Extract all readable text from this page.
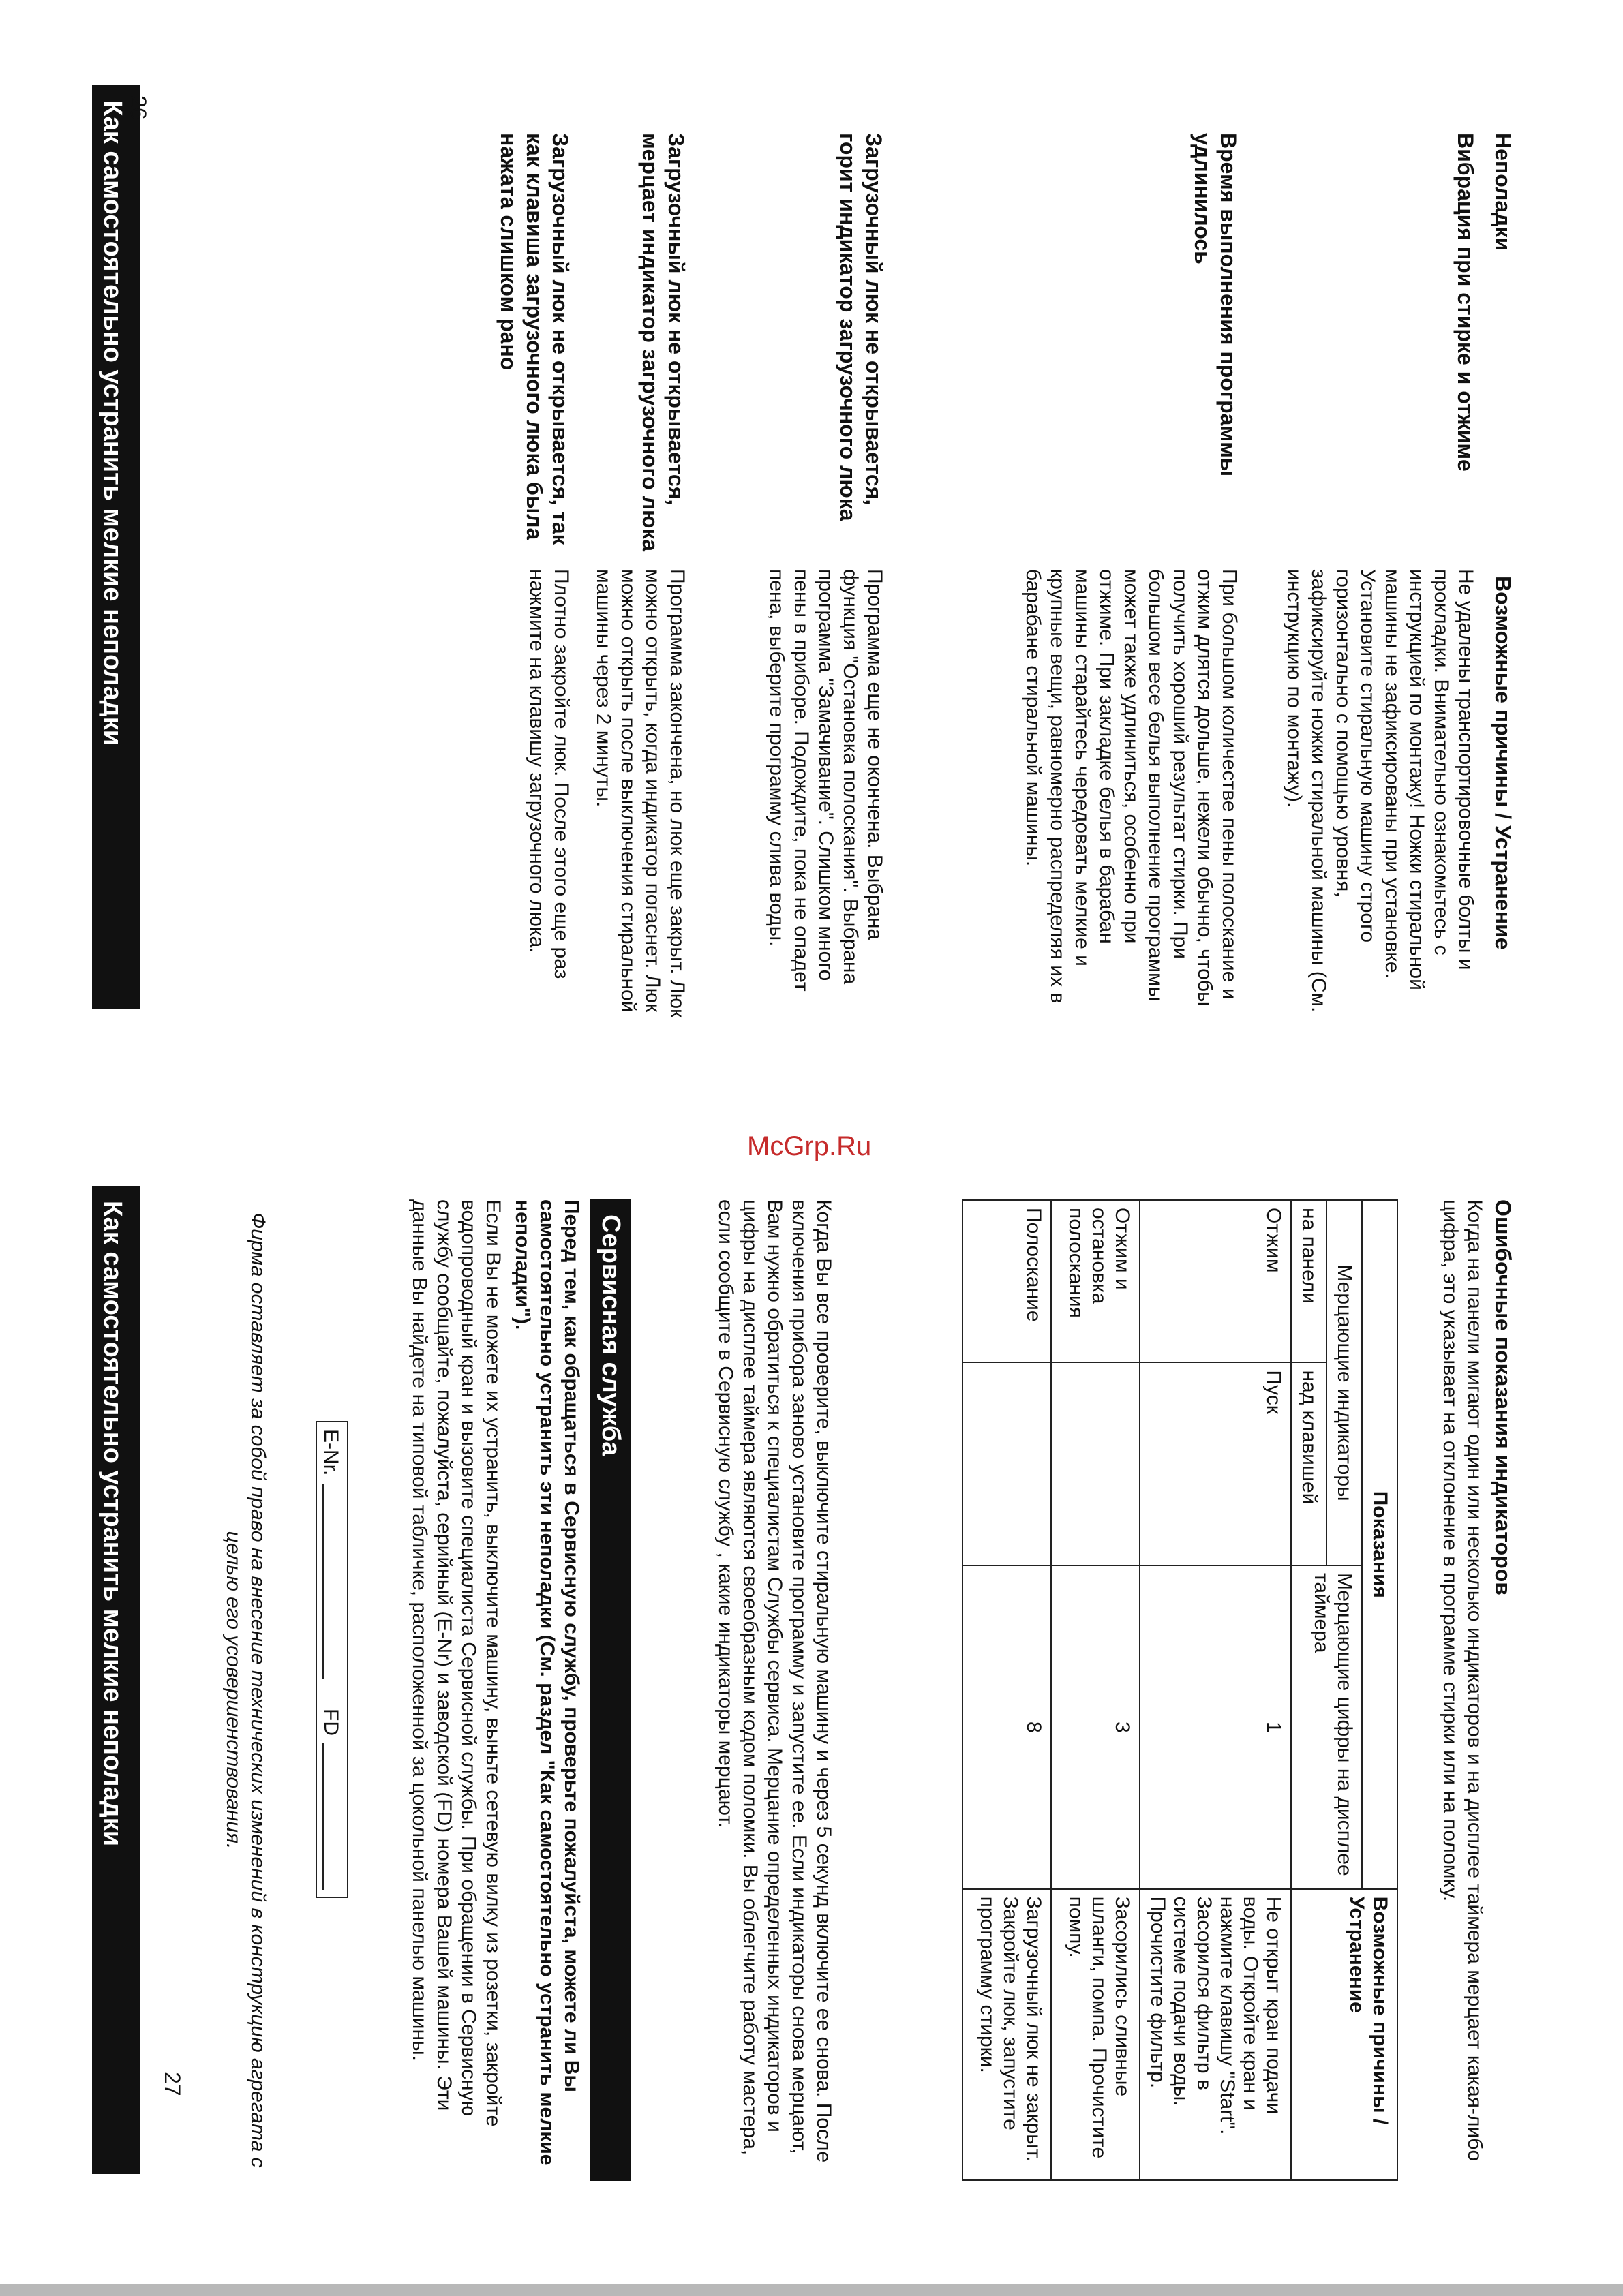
McGrp.Ru
Как самостоятельно устранить мелкие неполадки
Как самостоятельно устранить мелкие неполадки
Неполадки
Возможные причины / Устранение
Вибрация при стирке и отжиме
Не удалены транспортировочные болты и прокладки. Внимательно ознакомьтесь с инструкцией по монтажу! Ножки стиральной машины не зафиксированы при установке. Установите стиральную машину строго горизонтально с помощью уровня, зафиксируйте ножки стиральной машины (См. инструкцию по монтажу).
Время выполнения программы удлинилось
При большом количестве пены полоскание и отжим длятся дольше, нежели обычно, чтобы получить хороший результат стирки. При большом весе белья выполнение программы может также удлиниться, особенно при отжиме. При закладке белья в барабан машины старайтесь чередовать мелкие и крупные вещи, равномерно распределяя их в барабане стиральной машины.
Загрузочный люк не открывается, горит индикатор загрузочного люка
Программа еще не окончена. Выбрана функция "Остановка полоскания". Выбрана программа "Замачивание". Слишком много пены в приборе. Подождите, пока не опадет пена, выберите программу слива воды.
Загрузочный люк не открывается, мерцает индикатор загрузочного люка
Программа закончена, но люк еще закрыт. Люк можно открыть, когда индикатор погаснет. Люк можно открыть после выключения стиральной машины через 2 минуты.
Загрузочный люк не открывается, так как клавиша загрузочного люка была нажата слишком рано
Плотно закройте люк. После этого еще раз нажмите на клавишу загрузочного люка.
26
Ошибочные показания индикаторов
Когда на панели мигают один или несколько индикаторов и на дисплее таймера мерцает какая-либо цифра, это указывает на отклонение в программе стирки или на поломку.
Показания			Возможные причины / Устранение
Мерцающие индикаторы		Мерцающие цифры на дисплее таймера	
на панели	над клавишей		
Отжим	Пуск	1	Не открыт кран подачи воды. Откройте кран и нажмите клавишу "Start". Засорился фильтр в системе подачи воды. Прочистите фильтр.
Отжим и остановка полоскания		3	Засорились сливные шланги, помпа. Прочистите помпу.
Полоскание		8	Загрузочный люк не закрыт. Закройте люк, запустите программу стирки.
Когда Вы все проверите, выключите стиральную машину и через 5 секунд включите ее снова. После включения прибора заново установите программу и запустите ее. Если индикаторы снова мерцают, Вам нужно обратиться к специалистам Службы сервиса. Мерцание определенных индикаторов и цифры на дисплее таймера являются своеобразным кодом поломки. Вы облегчите работу мастера, если сообщите в Сервисную службу , какие индикаторы мерцают.
Сервисная служба
Перед тем, как обращаться в Сервисную службу, проверьте пожалуйста, можете ли Вы самостоятельно устранить эти неполадки (См. раздел "Как самостоятельно устранить мелкие неполадки").
Если Вы не можете их устранить, выключите машину, выньте сетевую вилку из розетки, закройте водопроводный кран и вызовите специалиста Сервисной службы. При обращении в Сервисную службу сообщайте, пожалуйста, серийный (E-Nr) и заводской (FD) номера Вашей машины. Эти данные Вы найдете на типовой табличке, расположенной за цокольной панелью машины.
E-Nr.
FD
Фирма оставляет за собой право на внесение технических изменений в конструкцию агрегата с целью его усовершенствования.
27
